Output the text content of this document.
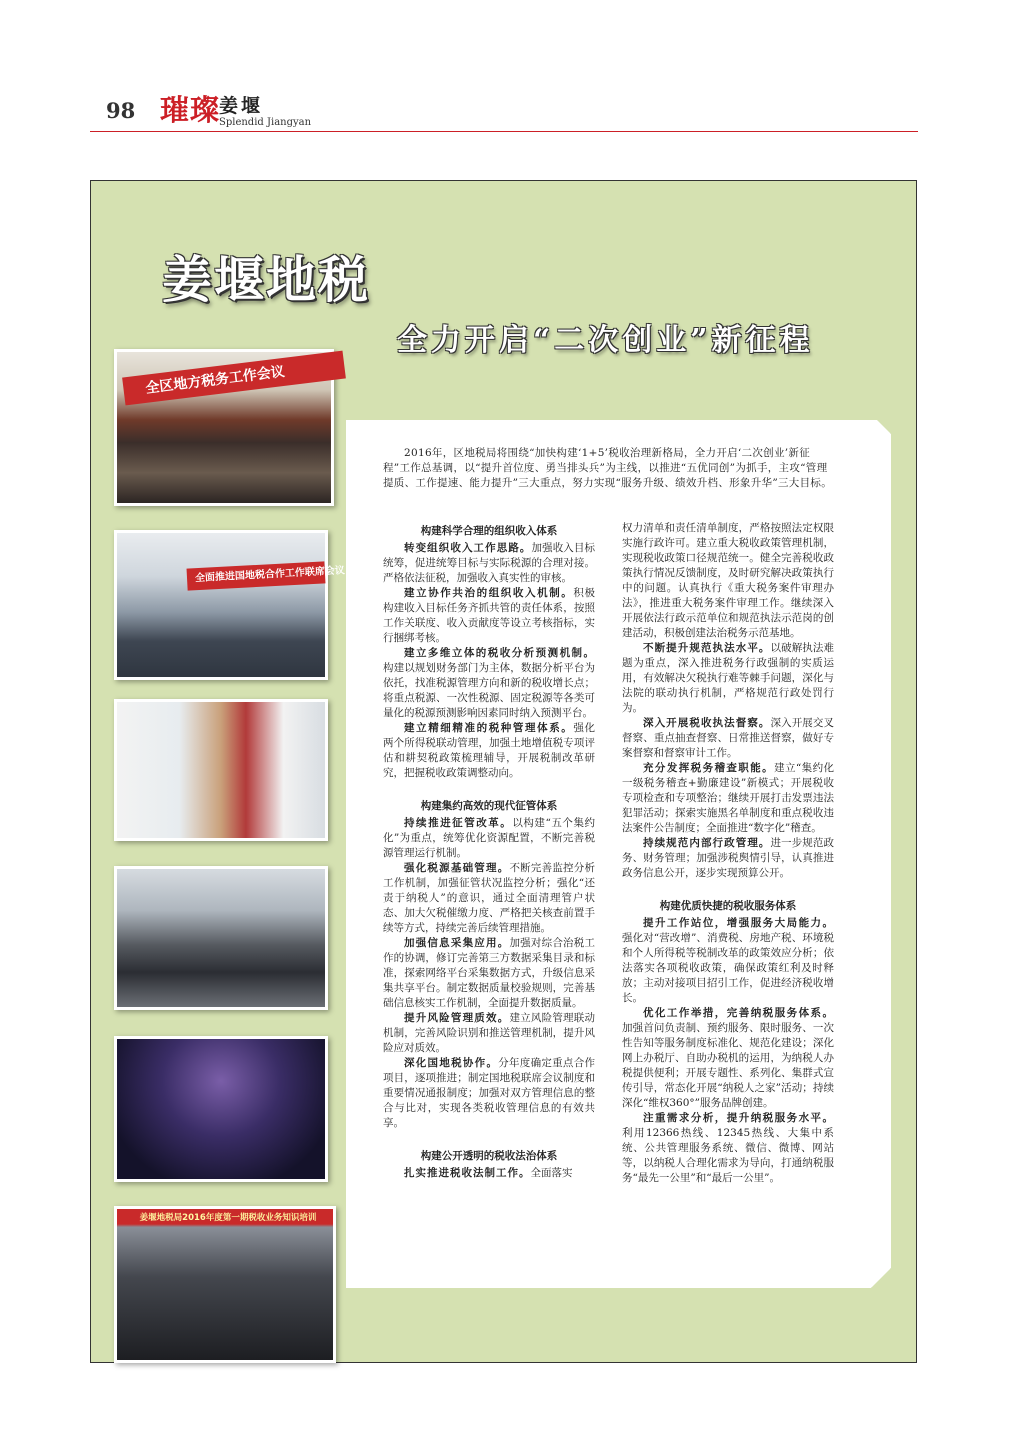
98 璀璨
姜堰
Splendid Jiangyan
姜堰地税
全力开启“二次创业”新征程
全区地方税务工作会议
全面推进国地税合作工作联席会议
姜堰地税局2016年度第一期税收业务知识培训

2016年，区地税局将围绕“加快构建‘1+5’税收治理新格局，全力开启‘二次创业’新征程”工作总基调，以“提升首位度、勇当排头兵”为主线，以推进“五优同创”为抓手，主攻“管理提质、工作提速、能力提升”三大重点，努力实现“服务升级、绩效升档、形象升华”三大目标。

构建科学合理的组织收入体系

转变组织收入工作思路。加强收入目标统筹，促进统筹目标与实际税源的合理对接。严格依法征税，加强收入真实性的审核。

建立协作共治的组织收入机制。积极构建收入目标任务齐抓共管的责任体系，按照工作关联度、收入贡献度等设立考核指标，实行捆绑考核。

建立多维立体的税收分析预测机制。构建以规划财务部门为主体，数据分析平台为依托，找准税源管理方向和新的税收增长点；将重点税源、一次性税源、固定税源等各类可量化的税源预测影响因素同时纳入预测平台。

建立精细精准的税种管理体系。强化两个所得税联动管理，加强土地增值税专项评估和耕契税政策梳理辅导，开展税制改革研究，把握税收政策调整动向。

构建集约高效的现代征管体系

持续推进征管改革。以构建“五个集约化”为重点，统筹优化资源配置，不断完善税源管理运行机制。

强化税源基础管理。不断完善监控分析工作机制，加强征管状况监控分析；强化“还责于纳税人”的意识，通过全面清理管户状态、加大欠税催缴力度、严格把关核查前置手续等方式，持续完善后续管理措施。

加强信息采集应用。加强对综合治税工作的协调，修订完善第三方数据采集目录和标准，探索网络平台采集数据方式，升级信息采集共享平台。制定数据质量校验规则，完善基础信息核实工作机制，全面提升数据质量。

提升风险管理质效。建立风险管理联动机制，完善风险识别和推送管理机制，提升风险应对质效。

深化国地税协作。分年度确定重点合作项目，逐项推进；制定国地税联席会议制度和重要情况通报制度；加强对双方管理信息的整合与比对，实现各类税收管理信息的有效共享。

构建公开透明的税收法治体系

扎实推进税收法制工作。全面落实

权力清单和责任清单制度，严格按照法定权限实施行政许可。建立重大税收政策管理机制，实现税收政策口径规范统一。健全完善税收政策执行情况反馈制度，及时研究解决政策执行中的问题。认真执行《重大税务案件审理办法》，推进重大税务案件审理工作。继续深入开展依法行政示范单位和规范执法示范岗的创建活动，积极创建法治税务示范基地。

不断提升规范执法水平。以破解执法难题为重点，深入推进税务行政强制的实质运用，有效解决欠税执行难等棘手问题，深化与法院的联动执行机制，严格规范行政处罚行为。

深入开展税收执法督察。深入开展交叉督察、重点抽查督察、日常推送督察，做好专案督察和督察审计工作。

充分发挥税务稽查职能。建立“集约化一级税务稽查+勤廉建设”新模式；开展税收专项检查和专项整治；继续开展打击发票违法犯罪活动；探索实施黑名单制度和重点税收违法案件公告制度；全面推进“数字化”稽查。

持续规范内部行政管理。进一步规范政务、财务管理；加强涉税舆情引导，认真推进政务信息公开，逐步实现预算公开。

构建优质快捷的税收服务体系

提升工作站位，增强服务大局能力。强化对“营改增”、消费税、房地产税、环境税和个人所得税等税制改革的政策效应分析；依法落实各项税收政策，确保政策红利及时释放；主动对接项目招引工作，促进经济税收增长。

优化工作举措，完善纳税服务体系。加强首问负责制、预约服务、限时服务、一次性告知等服务制度标准化、规范化建设；深化网上办税厅、自助办税机的运用，为纳税人办税提供便利；开展专题性、系列化、集群式宣传引导，常态化开展“纳税人之家”活动；持续深化“维权360°”服务品牌创建。

注重需求分析，提升纳税服务水平。利用12366热线、12345热线、大集中系统、公共管理服务系统、微信、微博、网站等，以纳税人合理化需求为导向，打通纳税服务“最先一公里”和“最后一公里”。
